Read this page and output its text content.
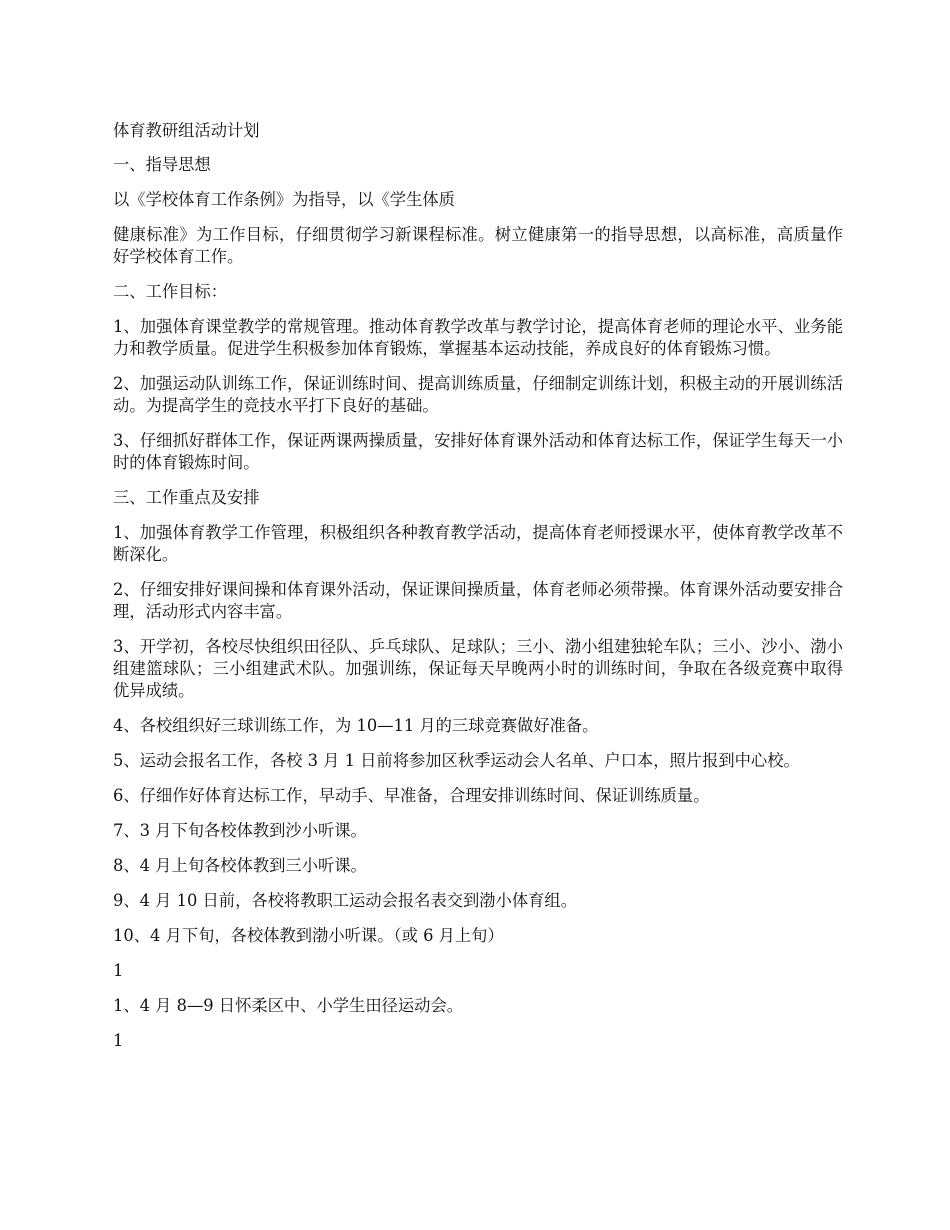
体育教研组活动计划

一、指导思想

以《学校体育工作条例》为指导，以《学生体质

健康标准》为工作目标，仔细贯彻学习新课程标准。树立健康第一的指导思想，以高标准，高质量作好学校体育工作。

二、工作目标：

1、加强体育课堂教学的常规管理。推动体育教学改革与教学讨论，提高体育老师的理论水平、业务能力和教学质量。促进学生积极参加体育锻炼，掌握基本运动技能，养成良好的体育锻炼习惯。

2、加强运动队训练工作，保证训练时间、提高训练质量，仔细制定训练计划，积极主动的开展训练活动。为提高学生的竞技水平打下良好的基础。

3、仔细抓好群体工作，保证两课两操质量，安排好体育课外活动和体育达标工作，保证学生每天一小时的体育锻炼时间。

三、工作重点及安排

1、加强体育教学工作管理，积极组织各种教育教学活动，提高体育老师授课水平，使体育教学改革不断深化。

2、仔细安排好课间操和体育课外活动，保证课间操质量，体育老师必须带操。体育课外活动要安排合理，活动形式内容丰富。

3、开学初，各校尽快组织田径队、乒乓球队、足球队；三小、渤小组建独轮车队；三小、沙小、渤小组建篮球队；三小组建武术队。加强训练，保证每天早晚两小时的训练时间，争取在各级竞赛中取得优异成绩。

4、各校组织好三球训练工作，为 10—11 月的三球竞赛做好准备。

5、运动会报名工作，各校 3 月 1 日前将参加区秋季运动会人名单、户口本，照片报到中心校。

6、仔细作好体育达标工作，早动手、早准备，合理安排训练时间、保证训练质量。

7、3 月下旬各校体教到沙小听课。

8、4 月上旬各校体教到三小听课。

9、4 月 10 日前，各校将教职工运动会报名表交到渤小体育组。

10、4 月下旬，各校体教到渤小听课。（或 6 月上旬）

1

1、4 月 8—9 日怀柔区中、小学生田径运动会。

1
